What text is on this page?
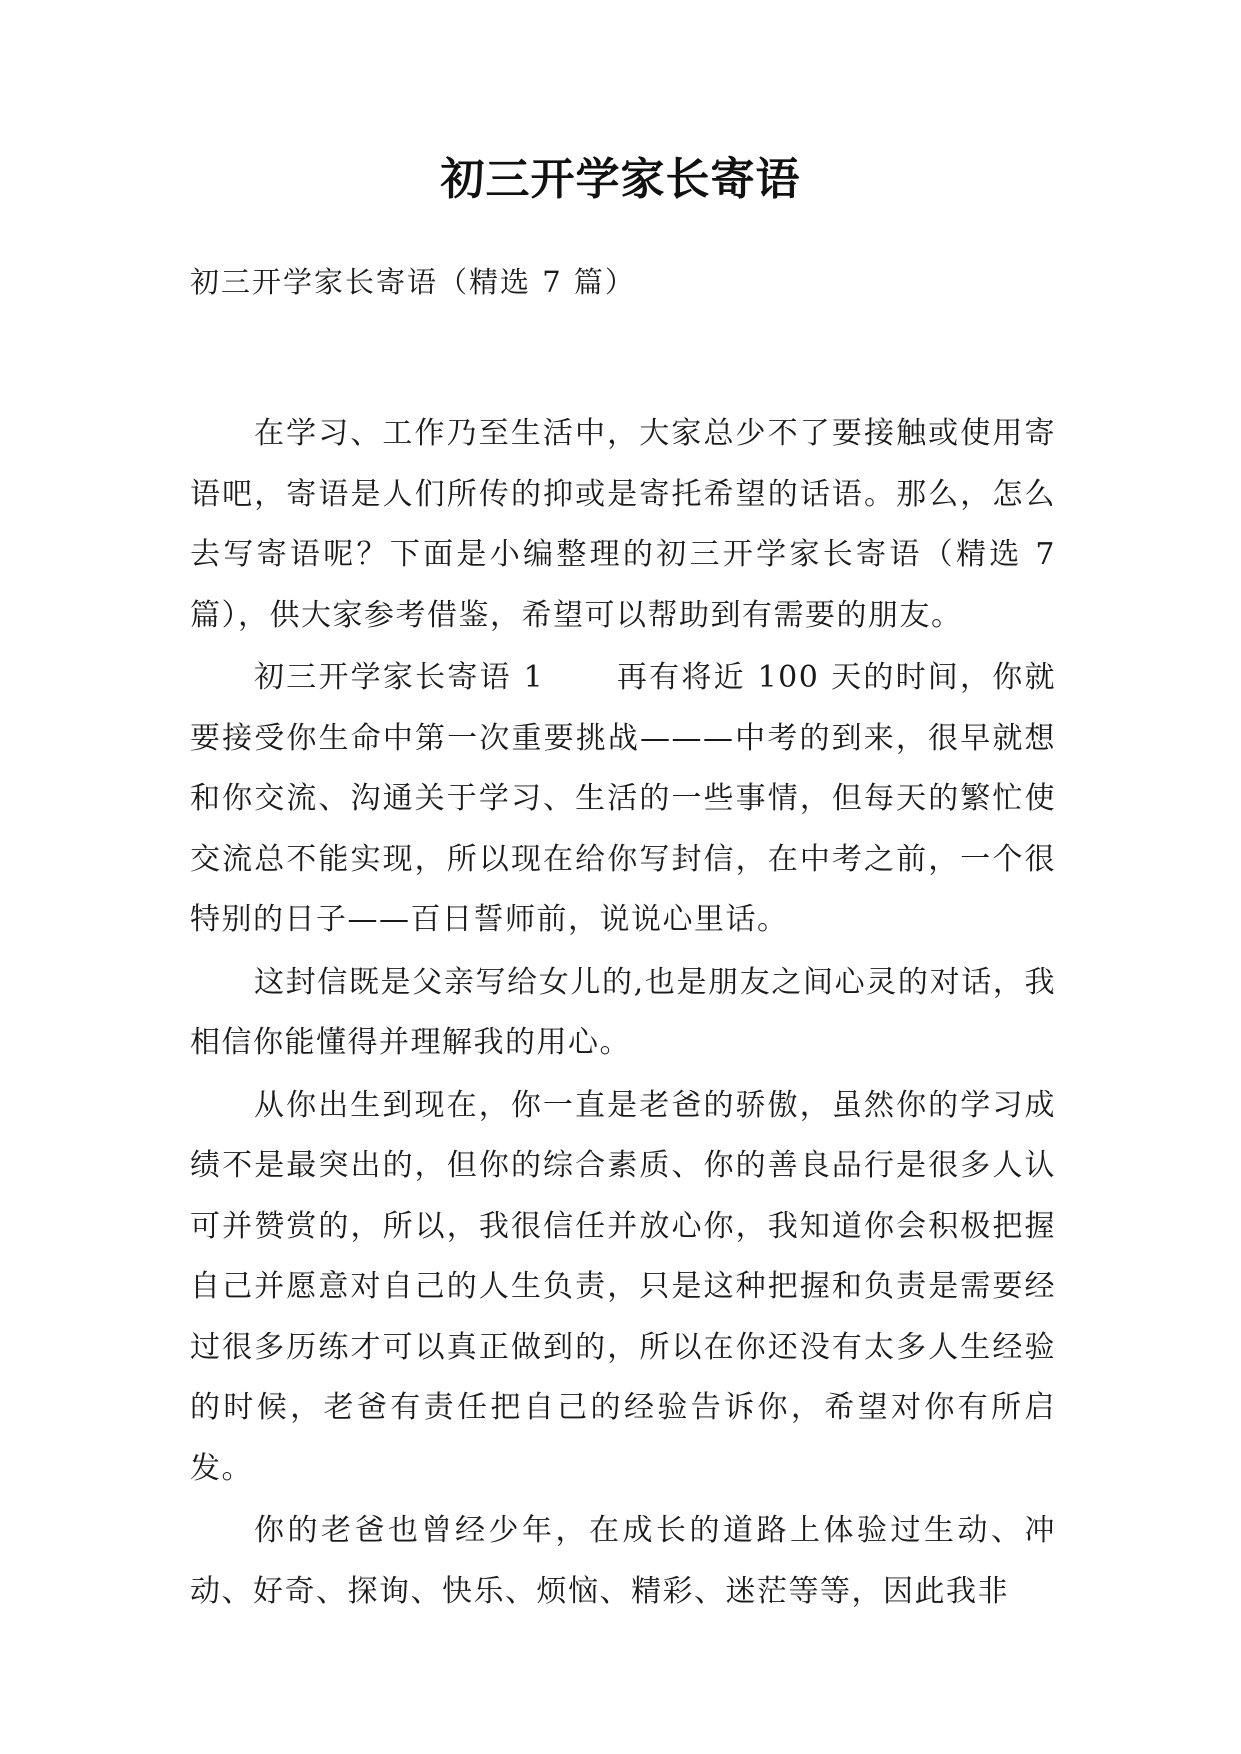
初三开学家长寄语

初三开学家长寄语（精选 7 篇）

在学习、工作乃至生活中，大家总少不了要接触或使用寄语吧，寄语是人们所传的抑或是寄托希望的话语。那么，怎么去写寄语呢？下面是小编整理的初三开学家长寄语（精选 7 篇），供大家参考借鉴，希望可以帮助到有需要的朋友。

初三开学家长寄语 1 再有将近 100 天的时间，你就要接受你生命中第一次重要挑战———中考的到来，很早就想和你交流、沟通关于学习、生活的一些事情，但每天的繁忙使交流总不能实现，所以现在给你写封信，在中考之前，一个很特别的日子——百日誓师前，说说心里话。

这封信既是父亲写给女儿的,也是朋友之间心灵的对话，我相信你能懂得并理解我的用心。

从你出生到现在，你一直是老爸的骄傲，虽然你的学习成绩不是最突出的，但你的综合素质、你的善良品行是很多人认可并赞赏的，所以，我很信任并放心你，我知道你会积极把握自己并愿意对自己的人生负责，只是这种把握和负责是需要经过很多历练才可以真正做到的，所以在你还没有太多人生经验的时候，老爸有责任把自己的经验告诉你，希望对你有所启发。

你的老爸也曾经少年，在成长的道路上体验过生动、冲动、好奇、探询、快乐、烦恼、精彩、迷茫等等，因此我非
